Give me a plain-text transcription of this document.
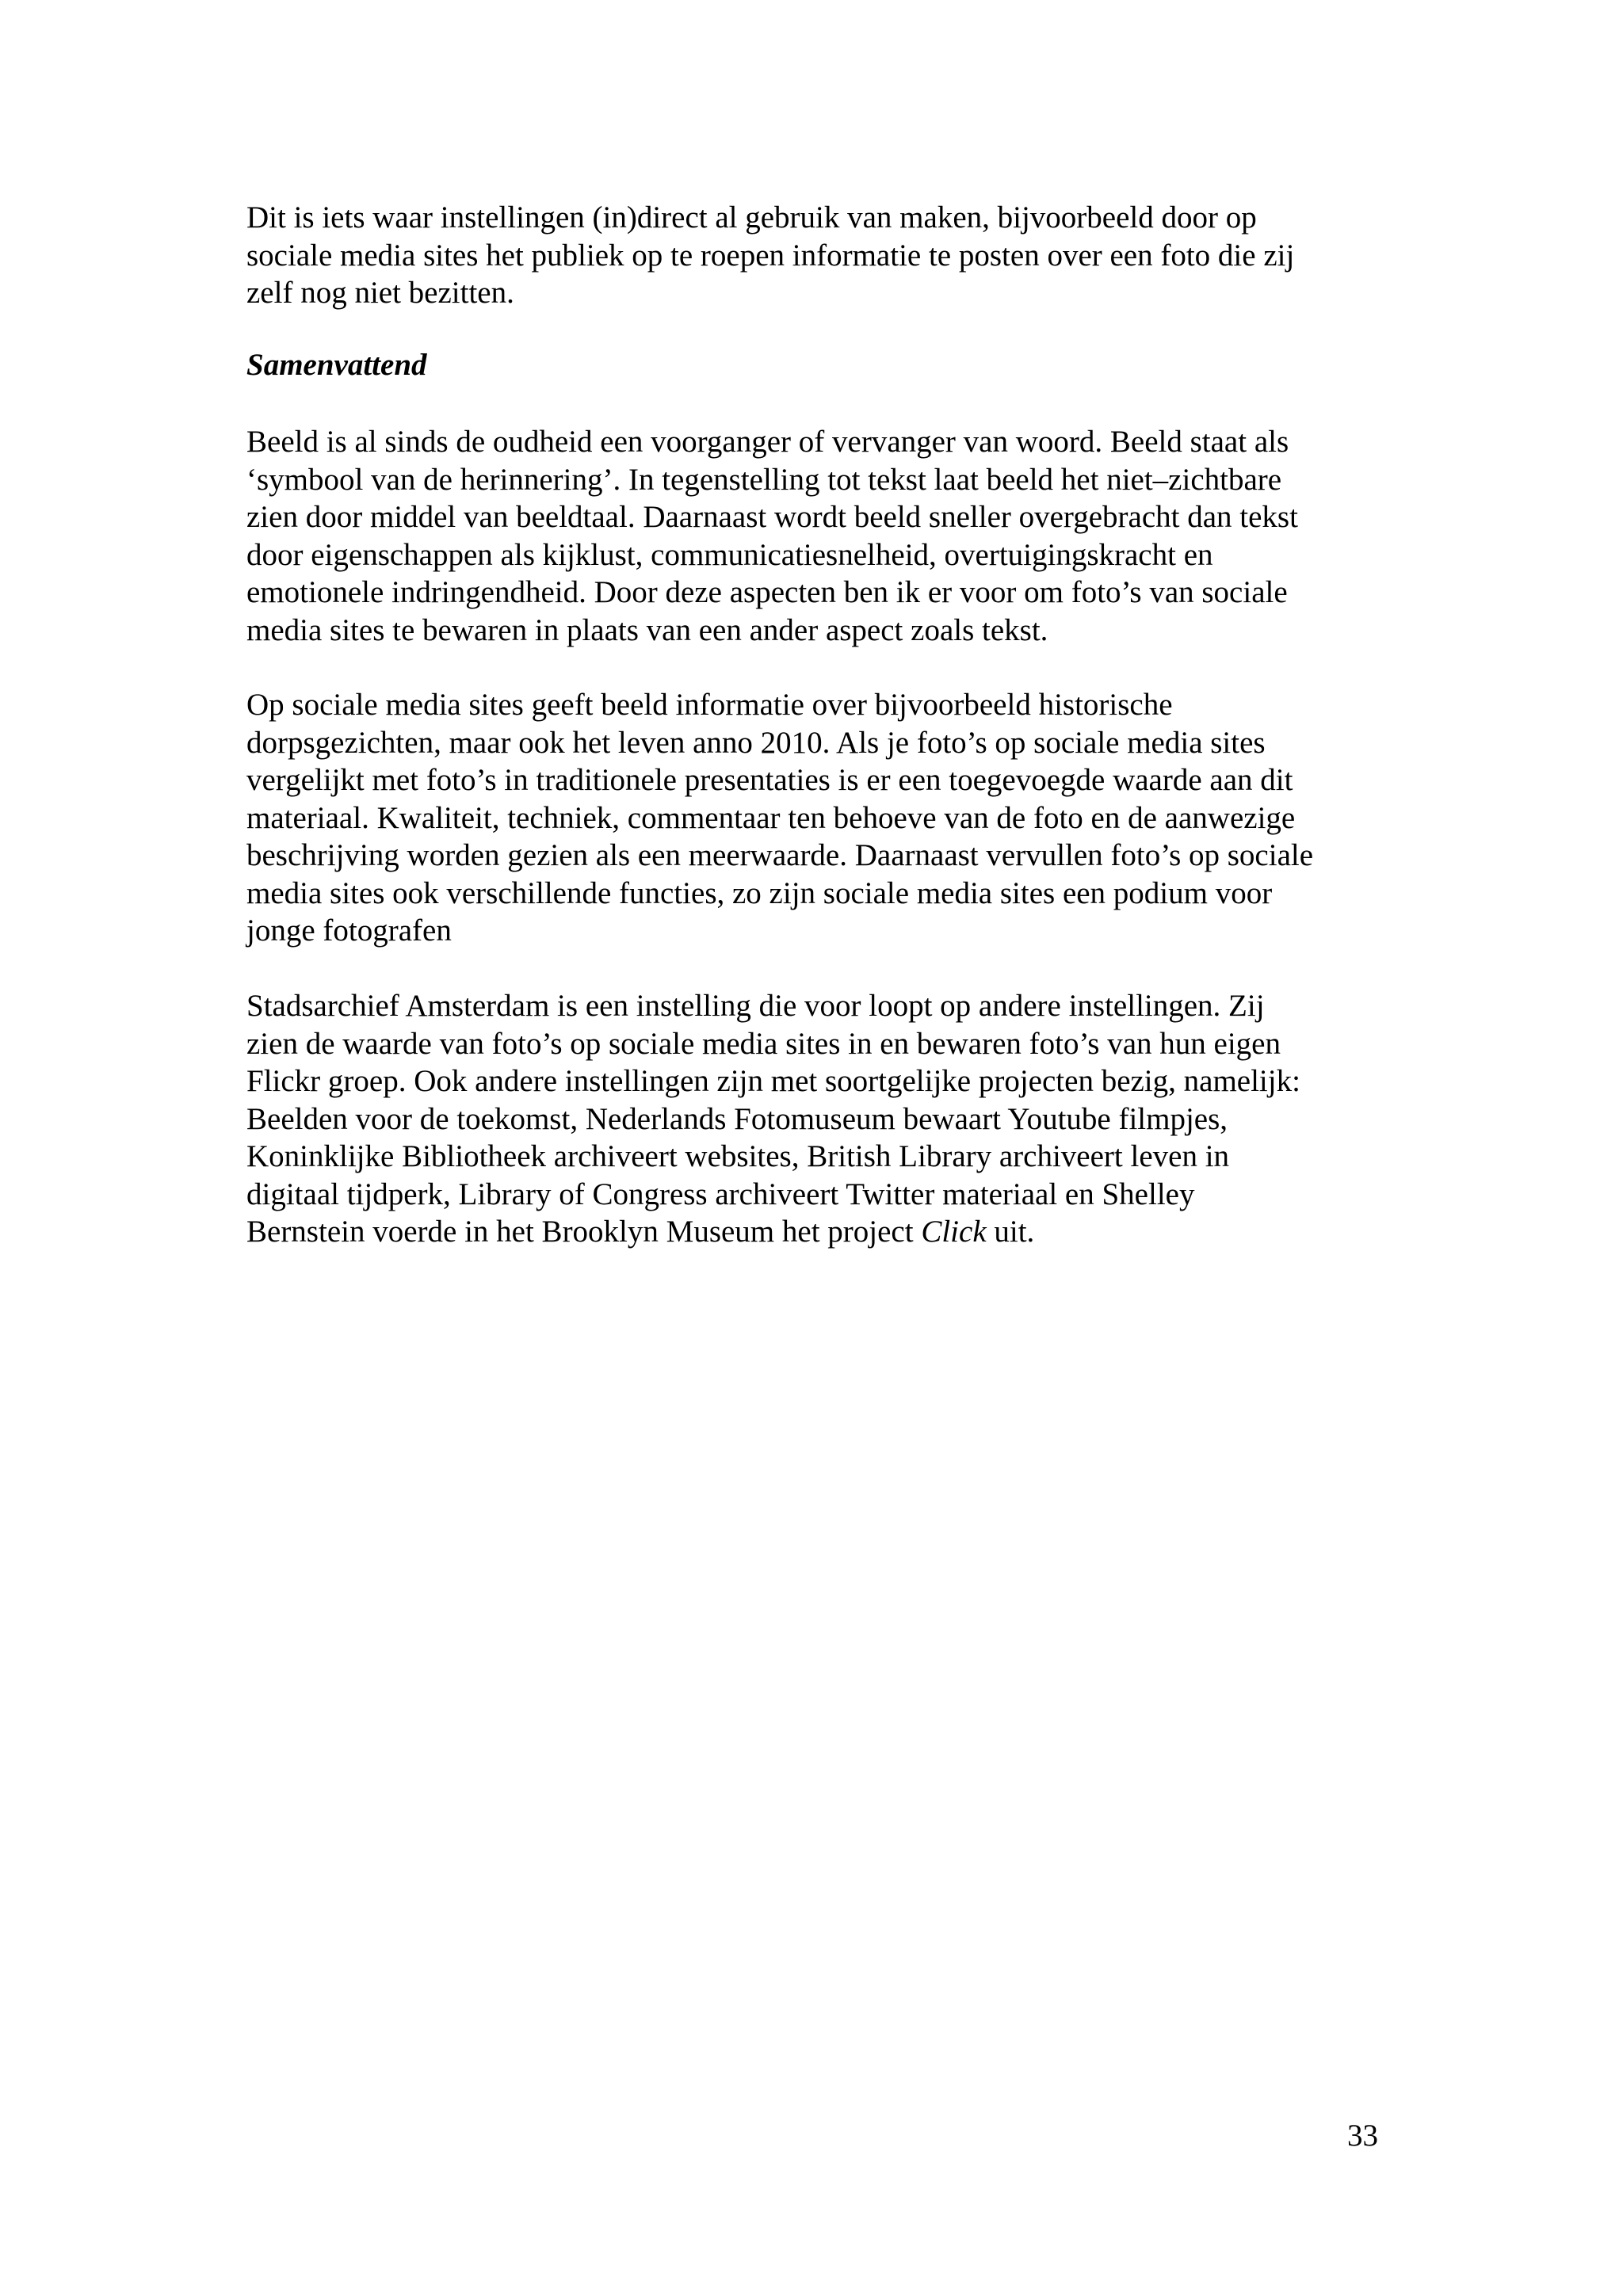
Dit is iets waar instellingen (in)direct al gebruik van maken, bijvoorbeeld door op
sociale media sites het publiek op te roepen informatie te posten over een foto die zij
zelf nog niet bezitten.

Samenvattend

Beeld is al sinds de oudheid een voorganger of vervanger van woord. Beeld staat als
‘symbool van de herinnering’. In tegenstelling tot tekst laat beeld het niet–zichtbare
zien door middel van beeldtaal. Daarnaast wordt beeld sneller overgebracht dan tekst
door eigenschappen als kijklust, communicatiesnelheid, overtuigingskracht en
emotionele indringendheid. Door deze aspecten ben ik er voor om foto’s van sociale
media sites te bewaren in plaats van een ander aspect zoals tekst.

Op sociale media sites geeft beeld informatie over bijvoorbeeld historische
dorpsgezichten, maar ook het leven anno 2010. Als je foto’s op sociale media sites
vergelijkt met foto’s in traditionele presentaties is er een toegevoegde waarde aan dit
materiaal. Kwaliteit, techniek, commentaar ten behoeve van de foto en de aanwezige
beschrijving worden gezien als een meerwaarde. Daarnaast vervullen foto’s op sociale
media sites ook verschillende functies, zo zijn sociale media sites een podium voor
jonge fotografen

Stadsarchief Amsterdam is een instelling die voor loopt op andere instellingen. Zij
zien de waarde van foto’s op sociale media sites in en bewaren foto’s van hun eigen
Flickr groep. Ook andere instellingen zijn met soortgelijke projecten bezig, namelijk:
Beelden voor de toekomst, Nederlands Fotomuseum bewaart Youtube filmpjes,
Koninklijke Bibliotheek archiveert websites, British Library archiveert leven in
digitaal tijdperk, Library of Congress archiveert Twitter materiaal en Shelley
Bernstein voerde in het Brooklyn Museum het project Click uit.

33
